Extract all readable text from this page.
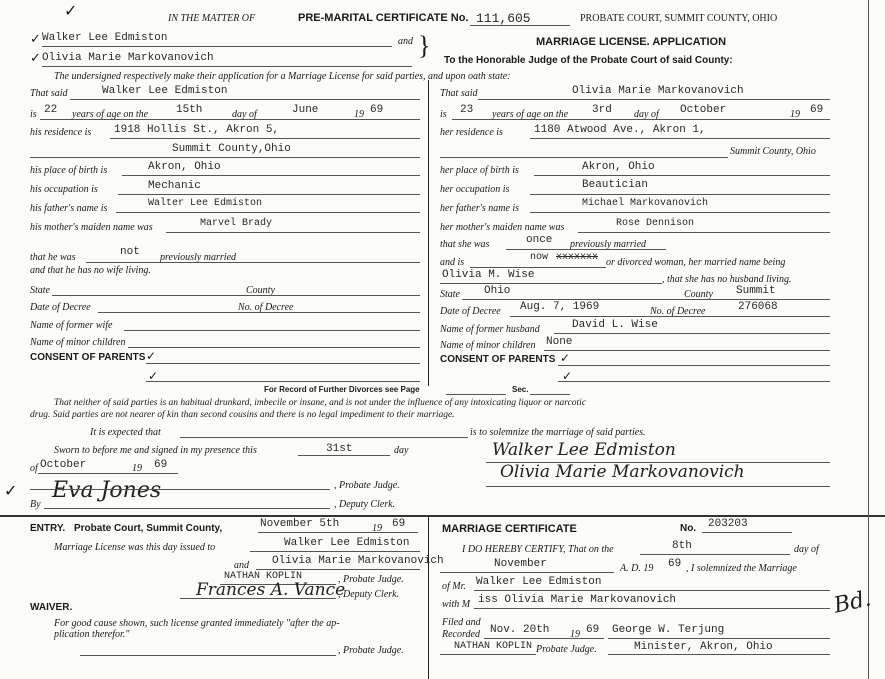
✓	IN THE MATTER OF	PRE-MARITAL CERTIFICATE No. 111,605	PROBATE COURT, SUMMIT COUNTY, OHIO
✓ Walker Lee Edmiston	and
✓ Olivia Marie Markovanovich	}	MARRIAGE LICENSE. APPLICATION
To the Honorable Judge of the Probate Court of said County:
The undersigned respectively make their application for a Marriage License for said parties, and upon oath state:
That said	Walker Lee Edmiston
is 22 years of age on the	15th	day of	June	19 69
his residence is 1918 Hollis St., Akron 5,
Summit County,Ohio
his place of birth is	Akron, Ohio
his occupation is	Mechanic
his father's name is	Walter Lee Edmiston
his mother's maiden name was	Marvel Brady
that he was	not previously married
and that he has no wife living.
State	County
Date of Decree	No. of Decree
Name of former wife
Name of minor children
CONSENT OF PARENTS ✓
✓
That said	Olivia Marie Markovanovich
is 23 years of age on the 3rd day of October	19 69
her residence is	1180 Atwood Ave., Akron 1,
Summit County, Ohio
her place of birth is	Akron, Ohio
her occupation is	Beautician
her father's name is	Michael Markovanovich
her mother's maiden name was	Rose Dennison
that she was	once previously married
and is	now xxxxxxx or divorced woman, her married name being
Olivia M. Wise	, that she has no husband living.
State Ohio	County Summit
Date of Decree Aug. 7, 1969	No. of Decree	276068
Name of former husband	David L. Wise
Name of minor children None
CONSENT OF PARENTS ✓
✓
For Record of Further Divorces see Page	Sec.
That neither of said parties is an habitual drunkard, imbecile or insane, and is not under the influence of any intoxicating liquor or narcotic
drug. Said parties are not nearer of kin than second cousins and there is no legal impediment to their marriage.
It is expected that	is to solemnize the marriage of said parties.
Sworn to before me and signed in my presence this	31st	day
of October	19 69
Eva Jones	, Probate Judge.
By	, Deputy Clerk.
✓
Walker Lee Edmiston
Olivia Marie Markovanovich
ENTRY. Probate Court, Summit County,	November 5th	19 69
Marriage License was this day issued to	Walker Lee Edmiston
and Olivia Marie Markovanovich
NATHAN KOPLIN	, Probate Judge.
Frances A. Vance
, Deputy Clerk.
WAIVER.
For good cause shown, such license granted immediately "after the ap-
plication therefor."
, Probate Judge.
MARRIAGE CERTIFICATE	No. 203203
I DO HEREBY CERTIFY, That on the	8th	day of
November	A. D. 19 69 , I solemnized the Marriage
of Mr. Walker Lee Edmiston
with M iss Olivia Marie Markovanovich
Filed and
Recorded Nov. 20th 19 69 George W. Terjung
NATHAN KOPLIN Probate Judge.	Minister, Akron, Ohio
Bd.
